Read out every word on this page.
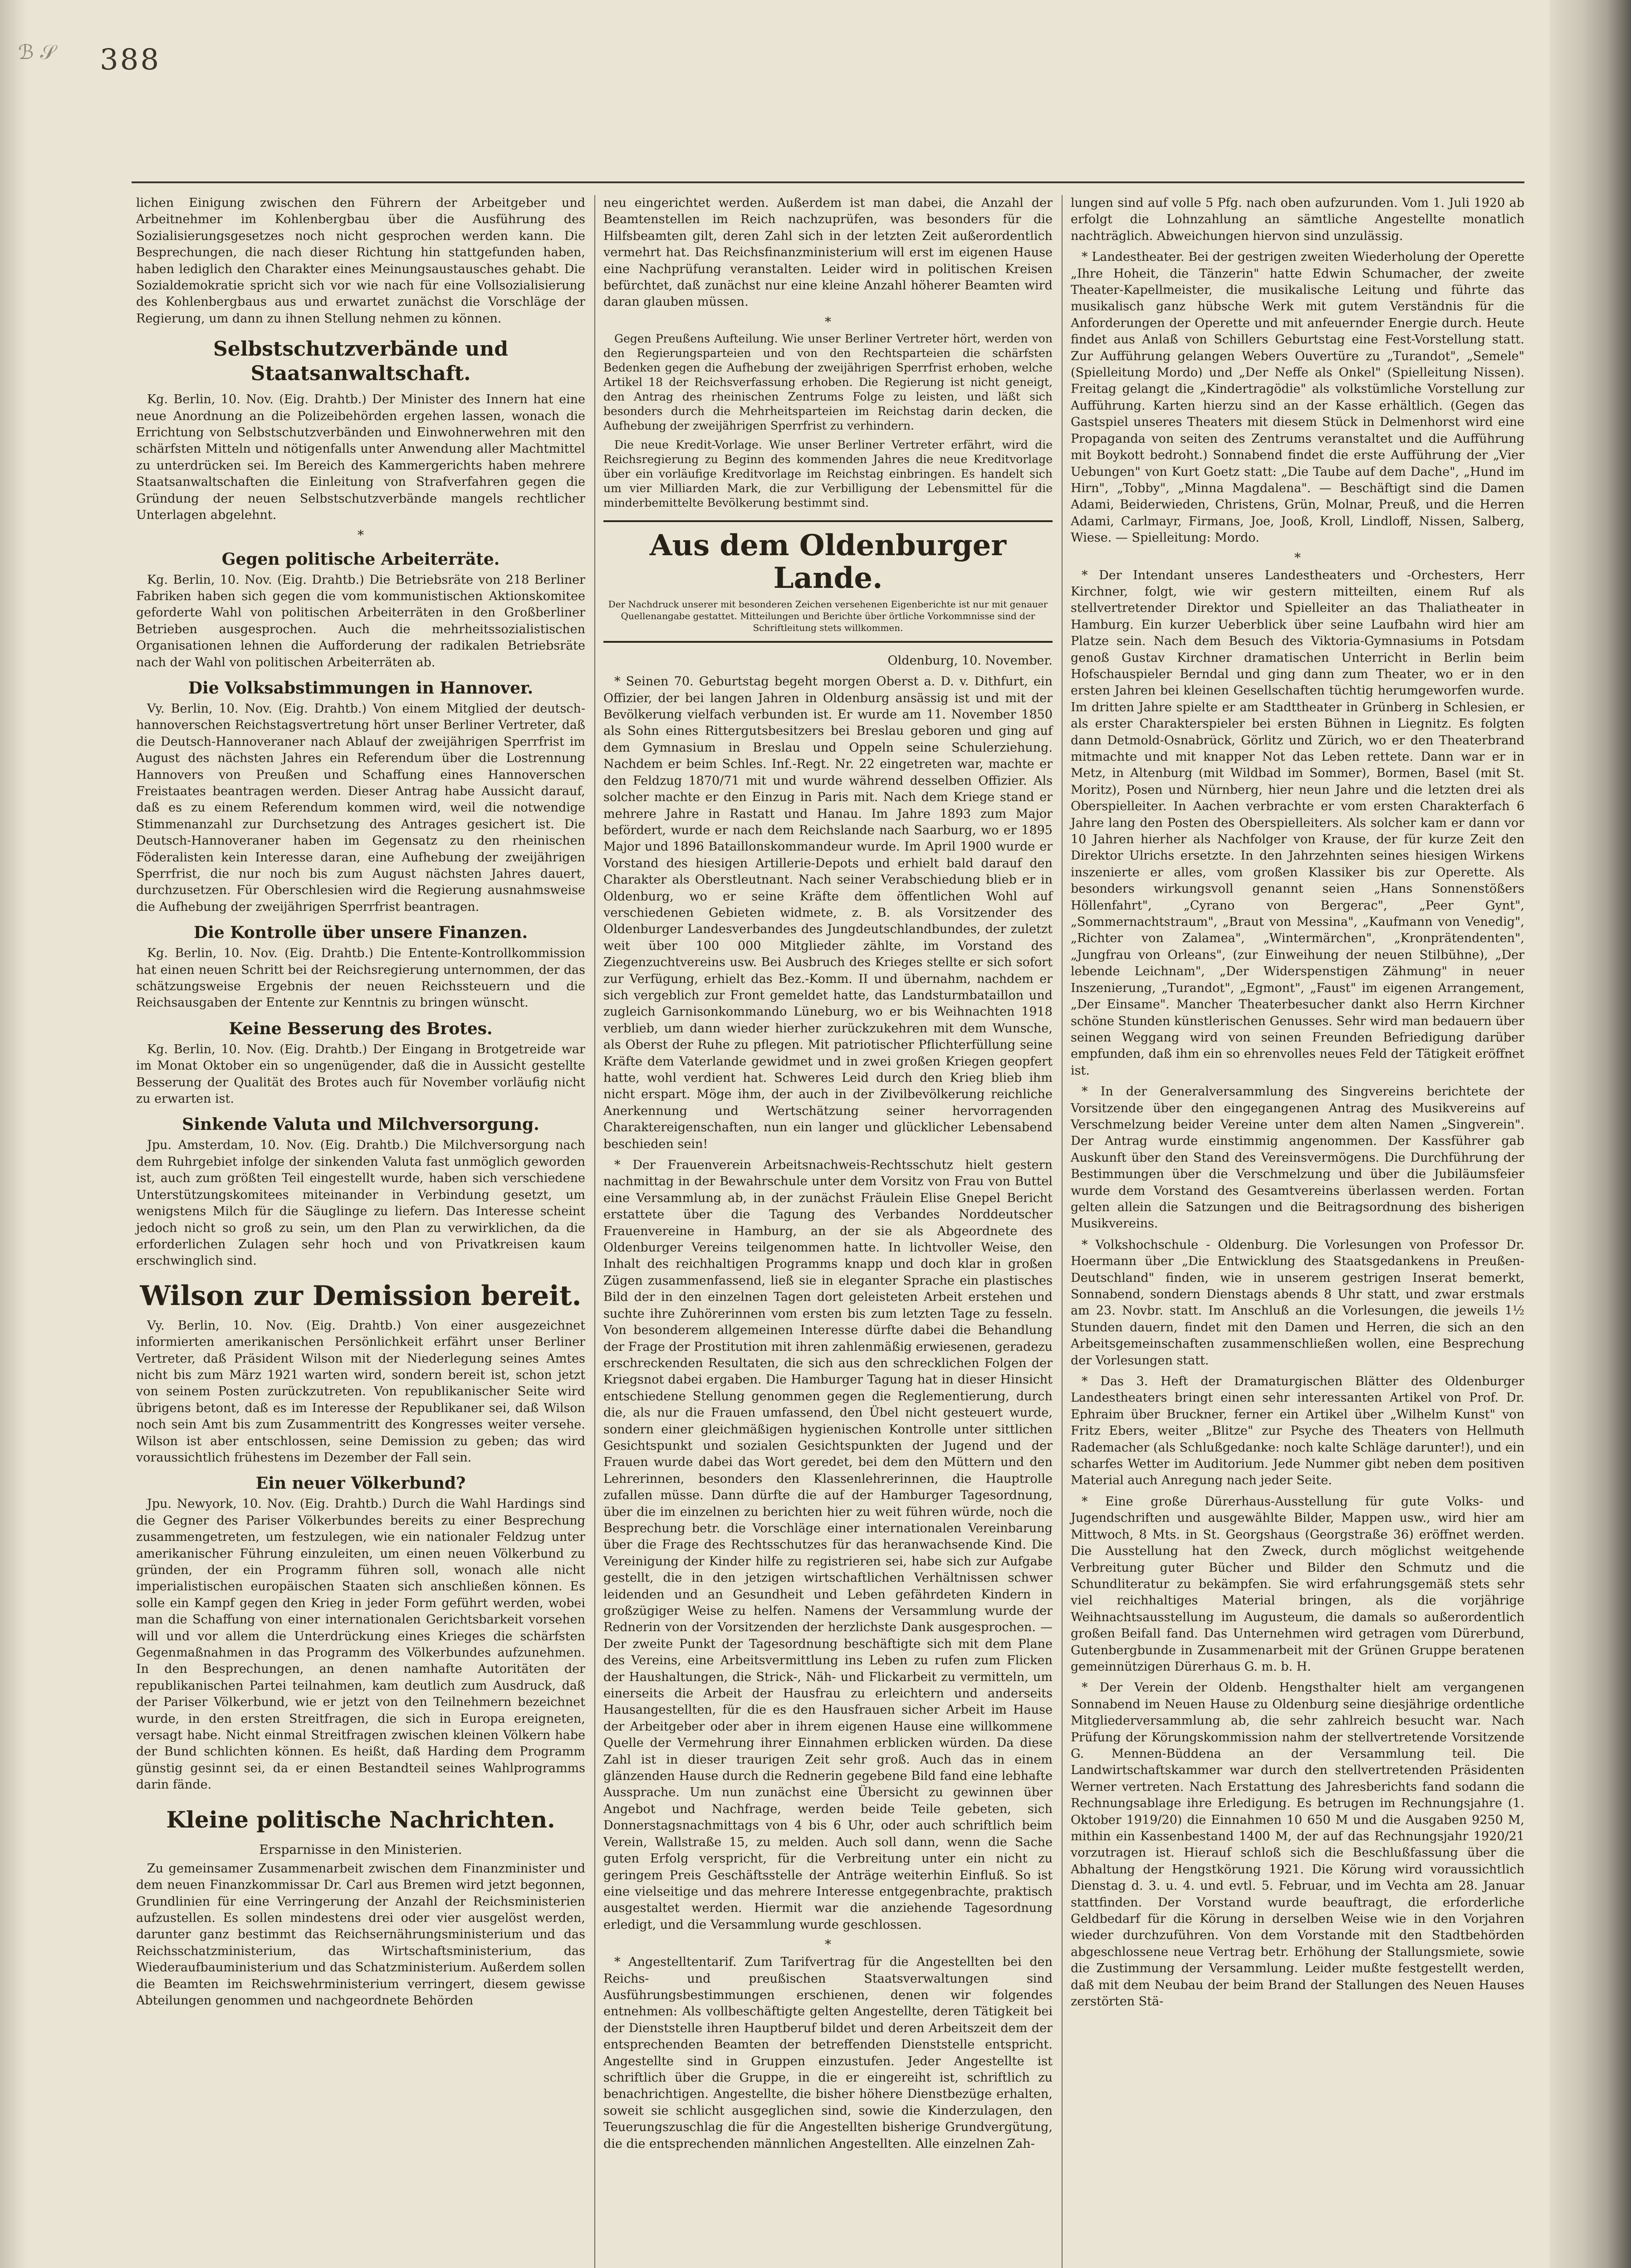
ℬ 𝒮 388

lichen Einigung zwischen den Führern der Arbeitgeber und Arbeitnehmer im Kohlenbergbau über die Ausführung des Sozialisierungsgesetzes noch nicht gesprochen werden kann. Die Besprechungen, die nach dieser Richtung hin stattgefunden haben, haben lediglich den Charakter eines Meinungsaustausches gehabt. Die Sozialdemokratie spricht sich vor wie nach für eine Vollsozialisierung des Kohlenbergbaus aus und erwartet zunächst die Vorschläge der Regierung, um dann zu ihnen Stellung nehmen zu können.

Selbstschutzverbände und Staatsanwaltschaft.

Kg. Berlin, 10. Nov. (Eig. Drahtb.) Der Minister des Innern hat eine neue Anordnung an die Polizeibehörden ergehen lassen, wonach die Errichtung von Selbstschutzverbänden und Einwohnerwehren mit den schärfsten Mitteln und nötigenfalls unter Anwendung aller Machtmittel zu unterdrücken sei. Im Bereich des Kammergerichts haben mehrere Staatsanwaltschaften die Einleitung von Strafverfahren gegen die Gründung der neuen Selbstschutzverbände mangels rechtlicher Unterlagen abgelehnt.

*
Gegen politische Arbeiterräte.

Kg. Berlin, 10. Nov. (Eig. Drahtb.) Die Betriebsräte von 218 Berliner Fabriken haben sich gegen die vom kommunistischen Aktionskomitee geforderte Wahl von politischen Arbeiterräten in den Großberliner Betrieben ausgesprochen. Auch die mehrheitssozialistischen Organisationen lehnen die Aufforderung der radikalen Betriebsräte nach der Wahl von politischen Arbeiterräten ab.

Die Volksabstimmungen in Hannover.

Vy. Berlin, 10. Nov. (Eig. Drahtb.) Von einem Mitglied der deutsch-hannoverschen Reichstagsvertretung hört unser Berliner Vertreter, daß die Deutsch-Hannoveraner nach Ablauf der zweijährigen Sperrfrist im August des nächsten Jahres ein Referendum über die Lostrennung Hannovers von Preußen und Schaffung eines Hannoverschen Freistaates beantragen werden. Dieser Antrag habe Aussicht darauf, daß es zu einem Referendum kommen wird, weil die notwendige Stimmenanzahl zur Durchsetzung des Antrages gesichert ist. Die Deutsch-Hannoveraner haben im Gegensatz zu den rheinischen Föderalisten kein Interesse daran, eine Aufhebung der zweijährigen Sperrfrist, die nur noch bis zum August nächsten Jahres dauert, durchzusetzen. Für Oberschlesien wird die Regierung ausnahmsweise die Aufhebung der zweijährigen Sperrfrist beantragen.

Die Kontrolle über unsere Finanzen.

Kg. Berlin, 10. Nov. (Eig. Drahtb.) Die Entente-Kontrollkommission hat einen neuen Schritt bei der Reichsregierung unternommen, der das schätzungsweise Ergebnis der neuen Reichssteuern und die Reichsausgaben der Entente zur Kenntnis zu bringen wünscht.

Keine Besserung des Brotes.

Kg. Berlin, 10. Nov. (Eig. Drahtb.) Der Eingang in Brotgetreide war im Monat Oktober ein so ungenügender, daß die in Aussicht gestellte Besserung der Qualität des Brotes auch für November vorläufig nicht zu erwarten ist.

Sinkende Valuta und Milchversorgung.

Jpu. Amsterdam, 10. Nov. (Eig. Drahtb.) Die Milchversorgung nach dem Ruhrgebiet infolge der sinkenden Valuta fast unmöglich geworden ist, auch zum größten Teil eingestellt wurde, haben sich verschiedene Unterstützungskomitees miteinander in Verbindung gesetzt, um wenigstens Milch für die Säuglinge zu liefern. Das Interesse scheint jedoch nicht so groß zu sein, um den Plan zu verwirklichen, da die erforderlichen Zulagen sehr hoch und von Privatkreisen kaum erschwinglich sind.

Wilson zur Demission bereit.

Vy. Berlin, 10. Nov. (Eig. Drahtb.) Von einer ausgezeichnet informierten amerikanischen Persönlichkeit erfährt unser Berliner Vertreter, daß Präsident Wilson mit der Niederlegung seines Amtes nicht bis zum März 1921 warten wird, sondern bereit ist, schon jetzt von seinem Posten zurückzutreten. Von republikanischer Seite wird übrigens betont, daß es im Interesse der Republikaner sei, daß Wilson noch sein Amt bis zum Zusammentritt des Kongresses weiter versehe. Wilson ist aber entschlossen, seine Demission zu geben; das wird voraussichtlich frühestens im Dezember der Fall sein.

Ein neuer Völkerbund?

Jpu. Newyork, 10. Nov. (Eig. Drahtb.) Durch die Wahl Hardings sind die Gegner des Pariser Völkerbundes bereits zu einer Besprechung zusammengetreten, um festzulegen, wie ein nationaler Feldzug unter amerikanischer Führung einzuleiten, um einen neuen Völkerbund zu gründen, der ein Programm führen soll, wonach alle nicht imperialistischen europäischen Staaten sich anschließen können. Es solle ein Kampf gegen den Krieg in jeder Form geführt werden, wobei man die Schaffung von einer internationalen Gerichtsbarkeit vorsehen will und vor allem die Unterdrückung eines Krieges die schärfsten Gegenmaßnahmen in das Programm des Völkerbundes aufzunehmen. In den Besprechungen, an denen namhafte Autoritäten der republikanischen Partei teilnahmen, kam deutlich zum Ausdruck, daß der Pariser Völkerbund, wie er jetzt von den Teilnehmern bezeichnet wurde, in den ersten Streitfragen, die sich in Europa ereigneten, versagt habe. Nicht einmal Streitfragen zwischen kleinen Völkern habe der Bund schlichten können. Es heißt, daß Harding dem Programm günstig gesinnt sei, da er einen Bestandteil seines Wahlprogramms darin fände.

Kleine politische Nachrichten.
Ersparnisse in den Ministerien.

Zu gemeinsamer Zusammenarbeit zwischen dem Finanzminister und dem neuen Finanzkommissar Dr. Carl aus Bremen wird jetzt begonnen, Grundlinien für eine Verringerung der Anzahl der Reichsministerien aufzustellen. Es sollen mindestens drei oder vier ausgelöst werden, darunter ganz bestimmt das Reichsernährungsministerium und das Reichsschatzministerium, das Wirtschaftsministerium, das Wiederaufbauministerium und das Schatzministerium. Außerdem sollen die Beamten im Reichswehrministerium verringert, diesem gewisse Abteilungen genommen und nachgeordnete Behörden

neu eingerichtet werden. Außerdem ist man dabei, die Anzahl der Beamtenstellen im Reich nachzuprüfen, was besonders für die Hilfsbeamten gilt, deren Zahl sich in der letzten Zeit außerordentlich vermehrt hat. Das Reichsfinanzministerium will erst im eigenen Hause eine Nachprüfung veranstalten. Leider wird in politischen Kreisen befürchtet, daß zunächst nur eine kleine Anzahl höherer Beamten wird daran glauben müssen.

*

Gegen Preußens Aufteilung. Wie unser Berliner Vertreter hört, werden von den Regierungsparteien und von den Rechtsparteien die schärfsten Bedenken gegen die Aufhebung der zweijährigen Sperrfrist erhoben, welche Artikel 18 der Reichsverfassung erhoben. Die Regierung ist nicht geneigt, den Antrag des rheinischen Zentrums Folge zu leisten, und läßt sich besonders durch die Mehrheitsparteien im Reichstag darin decken, die Aufhebung der zweijährigen Sperrfrist zu verhindern.

Die neue Kredit-Vorlage. Wie unser Berliner Vertreter erfährt, wird die Reichsregierung zu Beginn des kommenden Jahres die neue Kreditvorlage über ein vorläufige Kreditvorlage im Reichstag einbringen. Es handelt sich um vier Milliarden Mark, die zur Verbilligung der Lebensmittel für die minderbemittelte Bevölkerung bestimmt sind.

Aus dem Oldenburger Lande.

Der Nachdruck unserer mit besonderen Zeichen versehenen Eigenberichte ist nur mit genauer Quellenangabe gestattet. Mitteilungen und Berichte über örtliche Vorkommnisse sind der Schriftleitung stets willkommen.

Oldenburg, 10. November.

* Seinen 70. Geburtstag begeht morgen Oberst a. D. v. Dithfurt, ein Offizier, der bei langen Jahren in Oldenburg ansässig ist und mit der Bevölkerung vielfach verbunden ist. Er wurde am 11. November 1850 als Sohn eines Rittergutsbesitzers bei Breslau geboren und ging auf dem Gymnasium in Breslau und Oppeln seine Schulerziehung. Nachdem er beim Schles. Inf.-Regt. Nr. 22 eingetreten war, machte er den Feldzug 1870/71 mit und wurde während desselben Offizier. Als solcher machte er den Einzug in Paris mit. Nach dem Kriege stand er mehrere Jahre in Rastatt und Hanau. Im Jahre 1893 zum Major befördert, wurde er nach dem Reichslande nach Saarburg, wo er 1895 Major und 1896 Bataillonskommandeur wurde. Im April 1900 wurde er Vorstand des hiesigen Artillerie-Depots und erhielt bald darauf den Charakter als Oberstleutnant. Nach seiner Verabschiedung blieb er in Oldenburg, wo er seine Kräfte dem öffentlichen Wohl auf verschiedenen Gebieten widmete, z. B. als Vorsitzender des Oldenburger Landesverbandes des Jungdeutschlandbundes, der zuletzt weit über 100 000 Mitglieder zählte, im Vorstand des Ziegenzuchtvereins usw. Bei Ausbruch des Krieges stellte er sich sofort zur Verfügung, erhielt das Bez.-Komm. II und übernahm, nachdem er sich vergeblich zur Front gemeldet hatte, das Landsturmbataillon und zugleich Garnisonkommando Lüneburg, wo er bis Weihnachten 1918 verblieb, um dann wieder hierher zurückzukehren mit dem Wunsche, als Oberst der Ruhe zu pflegen. Mit patriotischer Pflichterfüllung seine Kräfte dem Vaterlande gewidmet und in zwei großen Kriegen geopfert hatte, wohl verdient hat. Schweres Leid durch den Krieg blieb ihm nicht erspart. Möge ihm, der auch in der Zivilbevölkerung reichliche Anerkennung und Wertschätzung seiner hervorragenden Charaktereigenschaften, nun ein langer und glücklicher Lebensabend beschieden sein!

* Der Frauenverein Arbeitsnachweis-Rechtsschutz hielt gestern nachmittag in der Bewahrschule unter dem Vorsitz von Frau von Buttel eine Versammlung ab, in der zunächst Fräulein Elise Gnepel Bericht erstattete über die Tagung des Verbandes Norddeutscher Frauenvereine in Hamburg, an der sie als Abgeordnete des Oldenburger Vereins teilgenommen hatte. In lichtvoller Weise, den Inhalt des reichhaltigen Programms knapp und doch klar in großen Zügen zusammenfassend, ließ sie in eleganter Sprache ein plastisches Bild der in den einzelnen Tagen dort geleisteten Arbeit erstehen und suchte ihre Zuhörerinnen vom ersten bis zum letzten Tage zu fesseln. Von besonderem allgemeinen Interesse dürfte dabei die Behandlung der Frage der Prostitution mit ihren zahlenmäßig erwiesenen, geradezu erschreckenden Resultaten, die sich aus den schrecklichen Folgen der Kriegsnot dabei ergaben. Die Hamburger Tagung hat in dieser Hinsicht entschiedene Stellung genommen gegen die Reglementierung, durch die, als nur die Frauen umfassend, den Übel nicht gesteuert wurde, sondern einer gleichmäßigen hygienischen Kontrolle unter sittlichen Gesichtspunkt und sozialen Gesichtspunkten der Jugend und der Frauen wurde dabei das Wort geredet, bei dem den Müttern und den Lehrerinnen, besonders den Klassenlehrerinnen, die Hauptrolle zufallen müsse. Dann dürfte die auf der Hamburger Tagesordnung, über die im einzelnen zu berichten hier zu weit führen würde, noch die Besprechung betr. die Vorschläge einer internationalen Vereinbarung über die Frage des Rechtsschutzes für das heranwachsende Kind. Die Vereinigung der Kinder hilfe zu registrieren sei, habe sich zur Aufgabe gestellt, die in den jetzigen wirtschaftlichen Verhältnissen schwer leidenden und an Gesundheit und Leben gefährdeten Kindern in großzügiger Weise zu helfen. Namens der Versammlung wurde der Rednerin von der Vorsitzenden der herzlichste Dank ausgesprochen. — Der zweite Punkt der Tagesordnung beschäftigte sich mit dem Plane des Vereins, eine Arbeitsvermittlung ins Leben zu rufen zum Flicken der Haushaltungen, die Strick-, Näh- und Flickarbeit zu vermitteln, um einerseits die Arbeit der Hausfrau zu erleichtern und anderseits Hausangestellten, für die es den Hausfrauen sicher Arbeit im Hause der Arbeitgeber oder aber in ihrem eigenen Hause eine willkommene Quelle der Vermehrung ihrer Einnahmen erblicken würden. Da diese Zahl ist in dieser traurigen Zeit sehr groß. Auch das in einem glänzenden Hause durch die Rednerin gegebene Bild fand eine lebhafte Aussprache. Um nun zunächst eine Übersicht zu gewinnen über Angebot und Nachfrage, werden beide Teile gebeten, sich Donnerstagsnachmittags von 4 bis 6 Uhr, oder auch schriftlich beim Verein, Wallstraße 15, zu melden. Auch soll dann, wenn die Sache guten Erfolg verspricht, für die Verbreitung unter ein nicht zu geringem Preis Geschäftsstelle der Anträge weiterhin Einfluß. So ist eine vielseitige und das mehrere Interesse entgegenbrachte, praktisch ausgestaltet werden. Hiermit war die anziehende Tagesordnung erledigt, und die Versammlung wurde geschlossen.

*

* Angestelltentarif. Zum Tarifvertrag für die Angestellten bei den Reichs- und preußischen Staatsverwaltungen sind Ausführungsbestimmungen erschienen, denen wir folgendes entnehmen: Als vollbeschäftigte gelten Angestellte, deren Tätigkeit bei der Dienststelle ihren Hauptberuf bildet und deren Arbeitszeit dem der entsprechenden Beamten der betreffenden Dienststelle entspricht. Angestellte sind in Gruppen einzustufen. Jeder Angestellte ist schriftlich über die Gruppe, in die er eingereiht ist, schriftlich zu benachrichtigen. Angestellte, die bisher höhere Dienstbezüge erhalten, soweit sie schlicht ausgeglichen sind, sowie die Kinderzulagen, den Teuerungszuschlag die für die Angestellten bisherige Grundvergütung, die die entsprechenden männlichen Angestellten. Alle einzelnen Zah-

lungen sind auf volle 5 Pfg. nach oben aufzurunden. Vom 1. Juli 1920 ab erfolgt die Lohnzahlung an sämtliche Angestellte monatlich nachträglich. Abweichungen hiervon sind unzulässig.

* Landestheater. Bei der gestrigen zweiten Wiederholung der Operette „Ihre Hoheit, die Tänzerin" hatte Edwin Schumacher, der zweite Theater-Kapellmeister, die musikalische Leitung und führte das musikalisch ganz hübsche Werk mit gutem Verständnis für die Anforderungen der Operette und mit anfeuernder Energie durch. Heute findet aus Anlaß von Schillers Geburtstag eine Fest-Vorstellung statt. Zur Aufführung gelangen Webers Ouvertüre zu „Turandot", „Semele" (Spielleitung Mordo) und „Der Neffe als Onkel" (Spielleitung Nissen). Freitag gelangt die „Kindertragödie" als volkstümliche Vorstellung zur Aufführung. Karten hierzu sind an der Kasse erhältlich. (Gegen das Gastspiel unseres Theaters mit diesem Stück in Delmenhorst wird eine Propaganda von seiten des Zentrums veranstaltet und die Aufführung mit Boykott bedroht.) Sonnabend findet die erste Aufführung der „Vier Uebungen" von Kurt Goetz statt: „Die Taube auf dem Dache", „Hund im Hirn", „Tobby", „Minna Magdalena". — Beschäftigt sind die Damen Adami, Beiderwieden, Christens, Grün, Molnar, Preuß, und die Herren Adami, Carlmayr, Firmans, Joe, Jooß, Kroll, Lindloff, Nissen, Salberg, Wiese. — Spielleitung: Mordo.

*

* Der Intendant unseres Landestheaters und -Orchesters, Herr Kirchner, folgt, wie wir gestern mitteilten, einem Ruf als stellvertretender Direktor und Spielleiter an das Thaliatheater in Hamburg. Ein kurzer Ueberblick über seine Laufbahn wird hier am Platze sein. Nach dem Besuch des Viktoria-Gymnasiums in Potsdam genoß Gustav Kirchner dramatischen Unterricht in Berlin beim Hofschauspieler Berndal und ging dann zum Theater, wo er in den ersten Jahren bei kleinen Gesellschaften tüchtig herumgeworfen wurde. Im dritten Jahre spielte er am Stadttheater in Grünberg in Schlesien, er als erster Charakterspieler bei ersten Bühnen in Liegnitz. Es folgten dann Detmold-Osnabrück, Görlitz und Zürich, wo er den Theaterbrand mitmachte und mit knapper Not das Leben rettete. Dann war er in Metz, in Altenburg (mit Wildbad im Sommer), Bormen, Basel (mit St. Moritz), Posen und Nürnberg, hier neun Jahre und die letzten drei als Oberspielleiter. In Aachen verbrachte er vom ersten Charakterfach 6 Jahre lang den Posten des Oberspielleiters. Als solcher kam er dann vor 10 Jahren hierher als Nachfolger von Krause, der für kurze Zeit den Direktor Ulrichs ersetzte. In den Jahrzehnten seines hiesigen Wirkens inszenierte er alles, vom großen Klassiker bis zur Operette. Als besonders wirkungsvoll genannt seien „Hans Sonnenstößers Höllenfahrt", „Cyrano von Bergerac", „Peer Gynt", „Sommernachtstraum", „Braut von Messina", „Kaufmann von Venedig", „Richter von Zalamea", „Wintermärchen", „Kronprätendenten", „Jungfrau von Orleans", (zur Einweihung der neuen Stilbühne), „Der lebende Leichnam", „Der Widerspenstigen Zähmung" in neuer Inszenierung, „Turandot", „Egmont", „Faust" im eigenen Arrangement, „Der Einsame". Mancher Theaterbesucher dankt also Herrn Kirchner schöne Stunden künstlerischen Genusses. Sehr wird man bedauern über seinen Weggang wird von seinen Freunden Befriedigung darüber empfunden, daß ihm ein so ehrenvolles neues Feld der Tätigkeit eröffnet ist.

* In der Generalversammlung des Singvereins berichtete der Vorsitzende über den eingegangenen Antrag des Musikvereins auf Verschmelzung beider Vereine unter dem alten Namen „Singverein". Der Antrag wurde einstimmig angenommen. Der Kassführer gab Auskunft über den Stand des Vereinsvermögens. Die Durchführung der Bestimmungen über die Verschmelzung und über die Jubiläumsfeier wurde dem Vorstand des Gesamtvereins überlassen werden. Fortan gelten allein die Satzungen und die Beitragsordnung des bisherigen Musikvereins.

* Volkshochschule - Oldenburg. Die Vorlesungen von Professor Dr. Hoermann über „Die Entwicklung des Staatsgedankens in Preußen-Deutschland" finden, wie in unserem gestrigen Inserat bemerkt, Sonnabend, sondern Dienstags abends 8 Uhr statt, und zwar erstmals am 23. Novbr. statt. Im Anschluß an die Vorlesungen, die jeweils 1½ Stunden dauern, findet mit den Damen und Herren, die sich an den Arbeitsgemeinschaften zusammenschließen wollen, eine Besprechung der Vorlesungen statt.

* Das 3. Heft der Dramaturgischen Blätter des Oldenburger Landestheaters bringt einen sehr interessanten Artikel von Prof. Dr. Ephraim über Bruckner, ferner ein Artikel über „Wilhelm Kunst" von Fritz Ebers, weiter „Blitze" zur Psyche des Theaters von Hellmuth Rademacher (als Schlußgedanke: noch kalte Schläge darunter!), und ein scharfes Wetter im Auditorium. Jede Nummer gibt neben dem positiven Material auch Anregung nach jeder Seite.

* Eine große Dürerhaus-Ausstellung für gute Volks- und Jugendschriften und ausgewählte Bilder, Mappen usw., wird hier am Mittwoch, 8 Mts. in St. Georgshaus (Georgstraße 36) eröffnet werden. Die Ausstellung hat den Zweck, durch möglichst weitgehende Verbreitung guter Bücher und Bilder den Schmutz und die Schundliteratur zu bekämpfen. Sie wird erfahrungsgemäß stets sehr viel reichhaltiges Material bringen, als die vorjährige Weihnachtsausstellung im Augusteum, die damals so außerordentlich großen Beifall fand. Das Unternehmen wird getragen vom Dürerbund, Gutenbergbunde in Zusammenarbeit mit der Grünen Gruppe beratenen gemeinnützigen Dürerhaus G. m. b. H.

* Der Verein der Oldenb. Hengsthalter hielt am vergangenen Sonnabend im Neuen Hause zu Oldenburg seine diesjährige ordentliche Mitgliederversammlung ab, die sehr zahlreich besucht war. Nach Prüfung der Körungskommission nahm der stellvertretende Vorsitzende G. Mennen-Büddena an der Versammlung teil. Die Landwirtschaftskammer war durch den stellvertretenden Präsidenten Werner vertreten. Nach Erstattung des Jahresberichts fand sodann die Rechnungsablage ihre Erledigung. Es betrugen im Rechnungsjahre (1. Oktober 1919/20) die Einnahmen 10 650 M und die Ausgaben 9250 M, mithin ein Kassenbestand 1400 M, der auf das Rechnungsjahr 1920/21 vorzutragen ist. Hierauf schloß sich die Beschlußfassung über die Abhaltung der Hengstkörung 1921. Die Körung wird voraussichtlich Dienstag d. 3. u. 4. und evtl. 5. Februar, und im Vechta am 28. Januar stattfinden. Der Vorstand wurde beauftragt, die erforderliche Geldbedarf für die Körung in derselben Weise wie in den Vorjahren wieder durchzuführen. Von dem Vorstande mit den Stadtbehörden abgeschlossene neue Vertrag betr. Erhöhung der Stallungsmiete, sowie die Zustimmung der Versammlung. Leider mußte festgestellt werden, daß mit dem Neubau der beim Brand der Stallungen des Neuen Hauses zerstörten Stä-
